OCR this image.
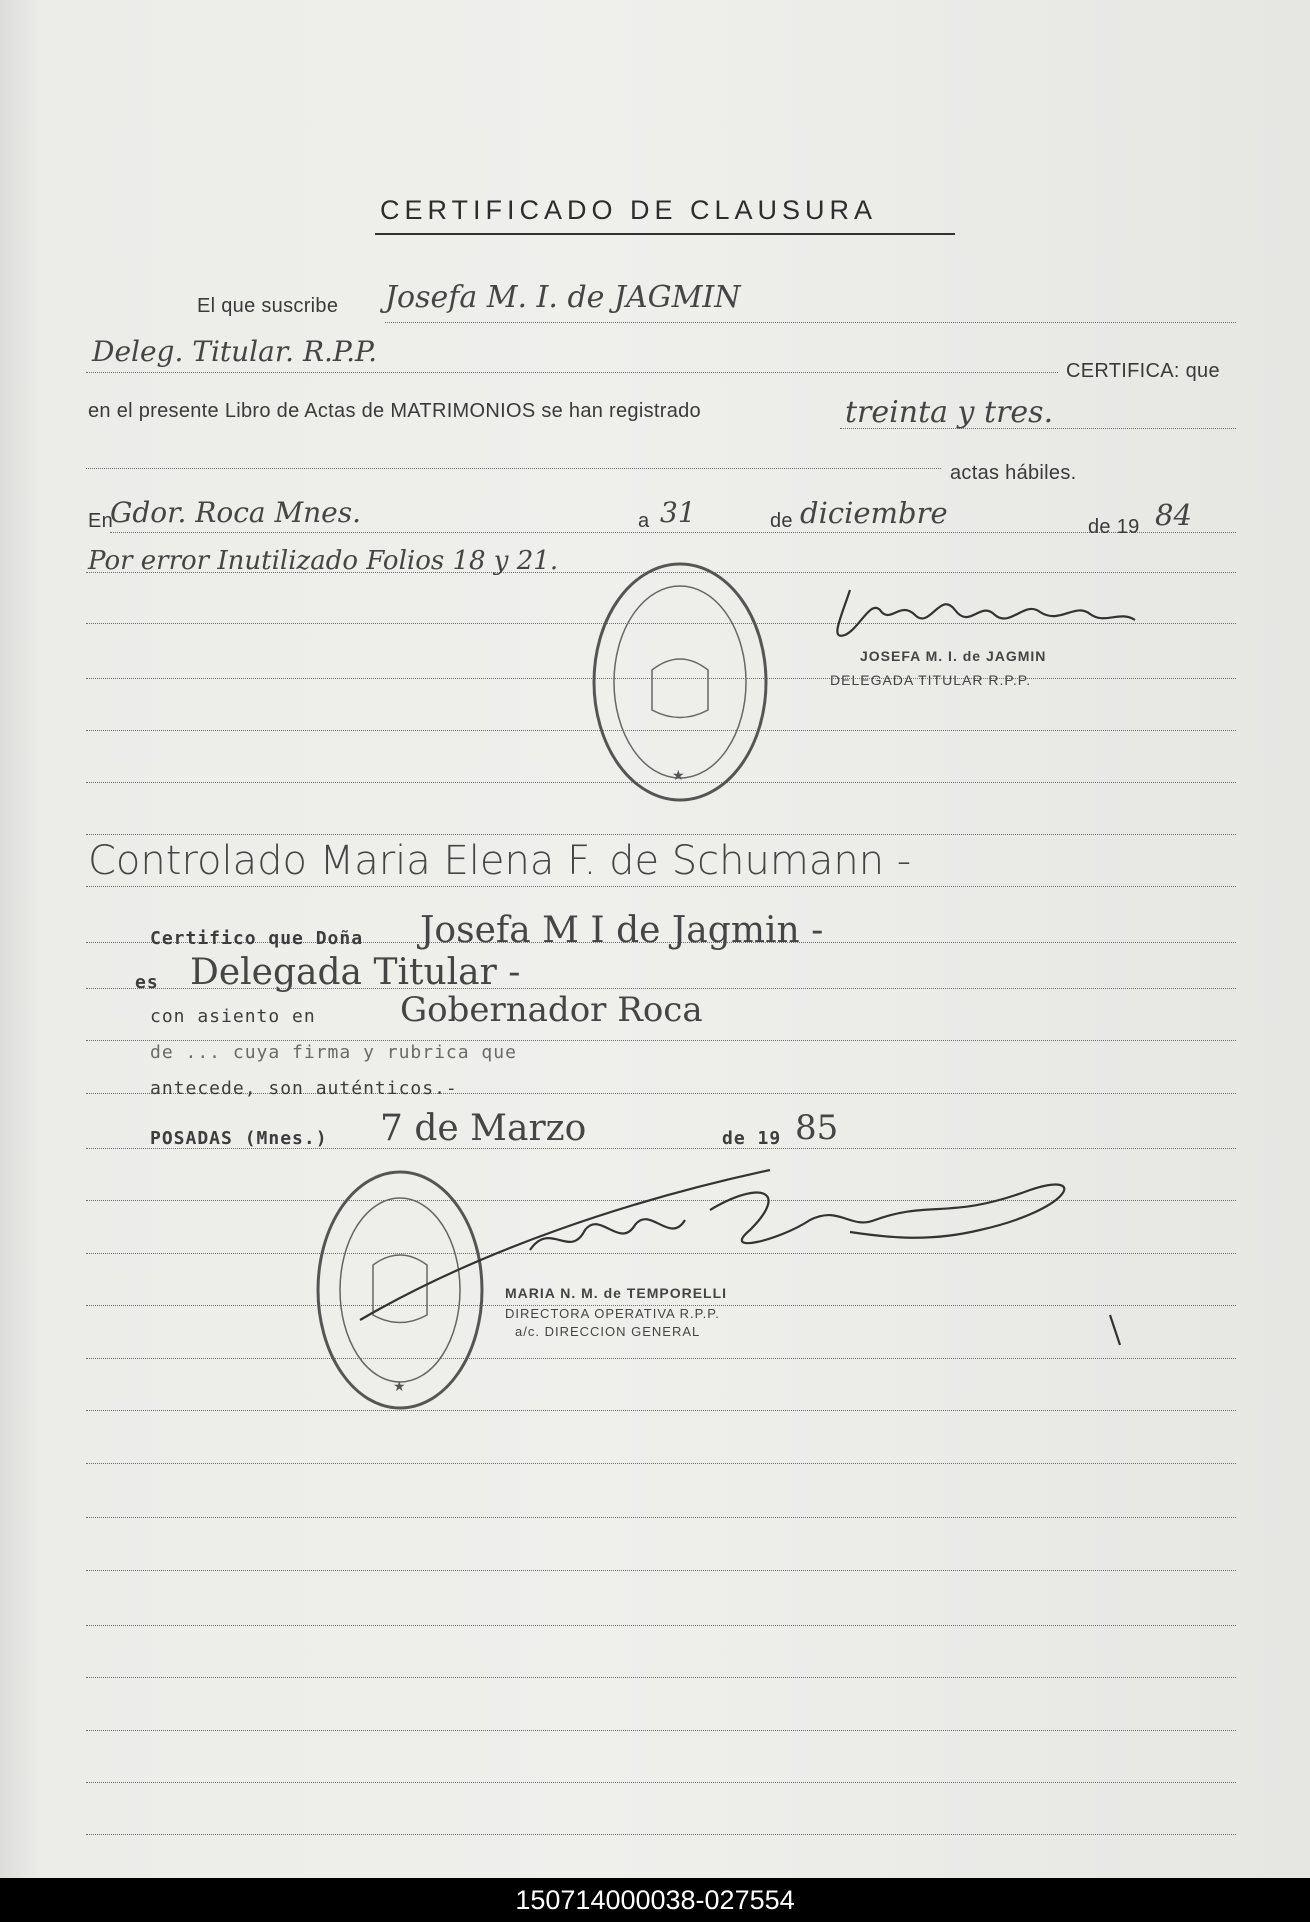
CERTIFICADO DE CLAUSURA
El que suscribe
CERTIFICA: que
en el presente Libro de Actas de MATRIMONIOS se han registrado
actas hábiles.
En	a	de	de 19
Josefa M. I. de JAGMIN
Deleg. Titular. R.P.P.
treinta y tres.
Gdor. Roca Mnes.	31	diciembre	84
Por error Inutilizado Folios 18 y 21.
★
JOSEFA M. I. de JAGMIN
DELEGADA TITULAR R.P.P.
Controlado Maria Elena F. de Schumann -
Certifico que Doña Josefa M I de Jagmin -
es Delegada Titular -
con asiento en Gobernador Roca
de ... cuya firma y rubrica que
antecede, son auténticos.-
POSADAS (Mnes.) 7 de Marzo	de 19 85
★
MARIA N. M. de TEMPORELLI
DIRECTORA OPERATIVA R.P.P.
a/c. DIRECCION GENERAL
150714000038-027554
